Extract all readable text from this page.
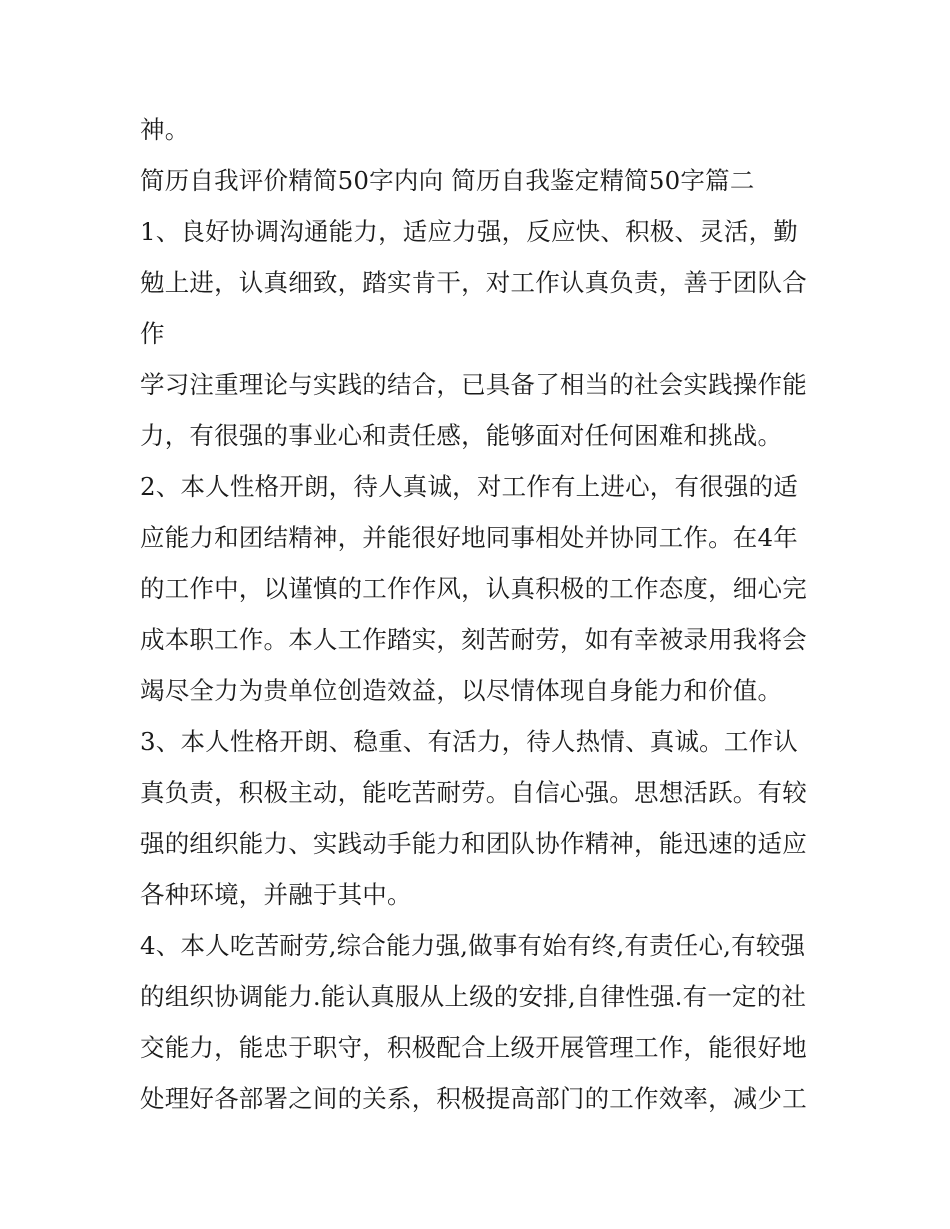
神。
简历自我评价精简50字内向 简历自我鉴定精简50字篇二
1、良好协调沟通能力，适应力强，反应快、积极、灵活，勤
勉上进，认真细致，踏实肯干，对工作认真负责，善于团队合
作
学习注重理论与实践的结合，已具备了相当的社会实践操作能
力，有很强的事业心和责任感，能够面对任何困难和挑战。
2、本人性格开朗，待人真诚，对工作有上进心，有很强的适
应能力和团结精神，并能很好地同事相处并协同工作。在4年
的工作中，以谨慎的工作作风，认真积极的工作态度，细心完
成本职工作。本人工作踏实，刻苦耐劳，如有幸被录用我将会
竭尽全力为贵单位创造效益，以尽情体现自身能力和价值。
3、本人性格开朗、稳重、有活力，待人热情、真诚。工作认
真负责，积极主动，能吃苦耐劳。自信心强。思想活跃。有较
强的组织能力、实践动手能力和团队协作精神，能迅速的适应
各种环境，并融于其中。
4、本人吃苦耐劳,综合能力强,做事有始有终,有责任心,有较强
的组织协调能力.能认真服从上级的安排,自律性强.有一定的社
交能力，能忠于职守，积极配合上级开展管理工作，能很好地
处理好各部署之间的关系，积极提高部门的工作效率，减少工
